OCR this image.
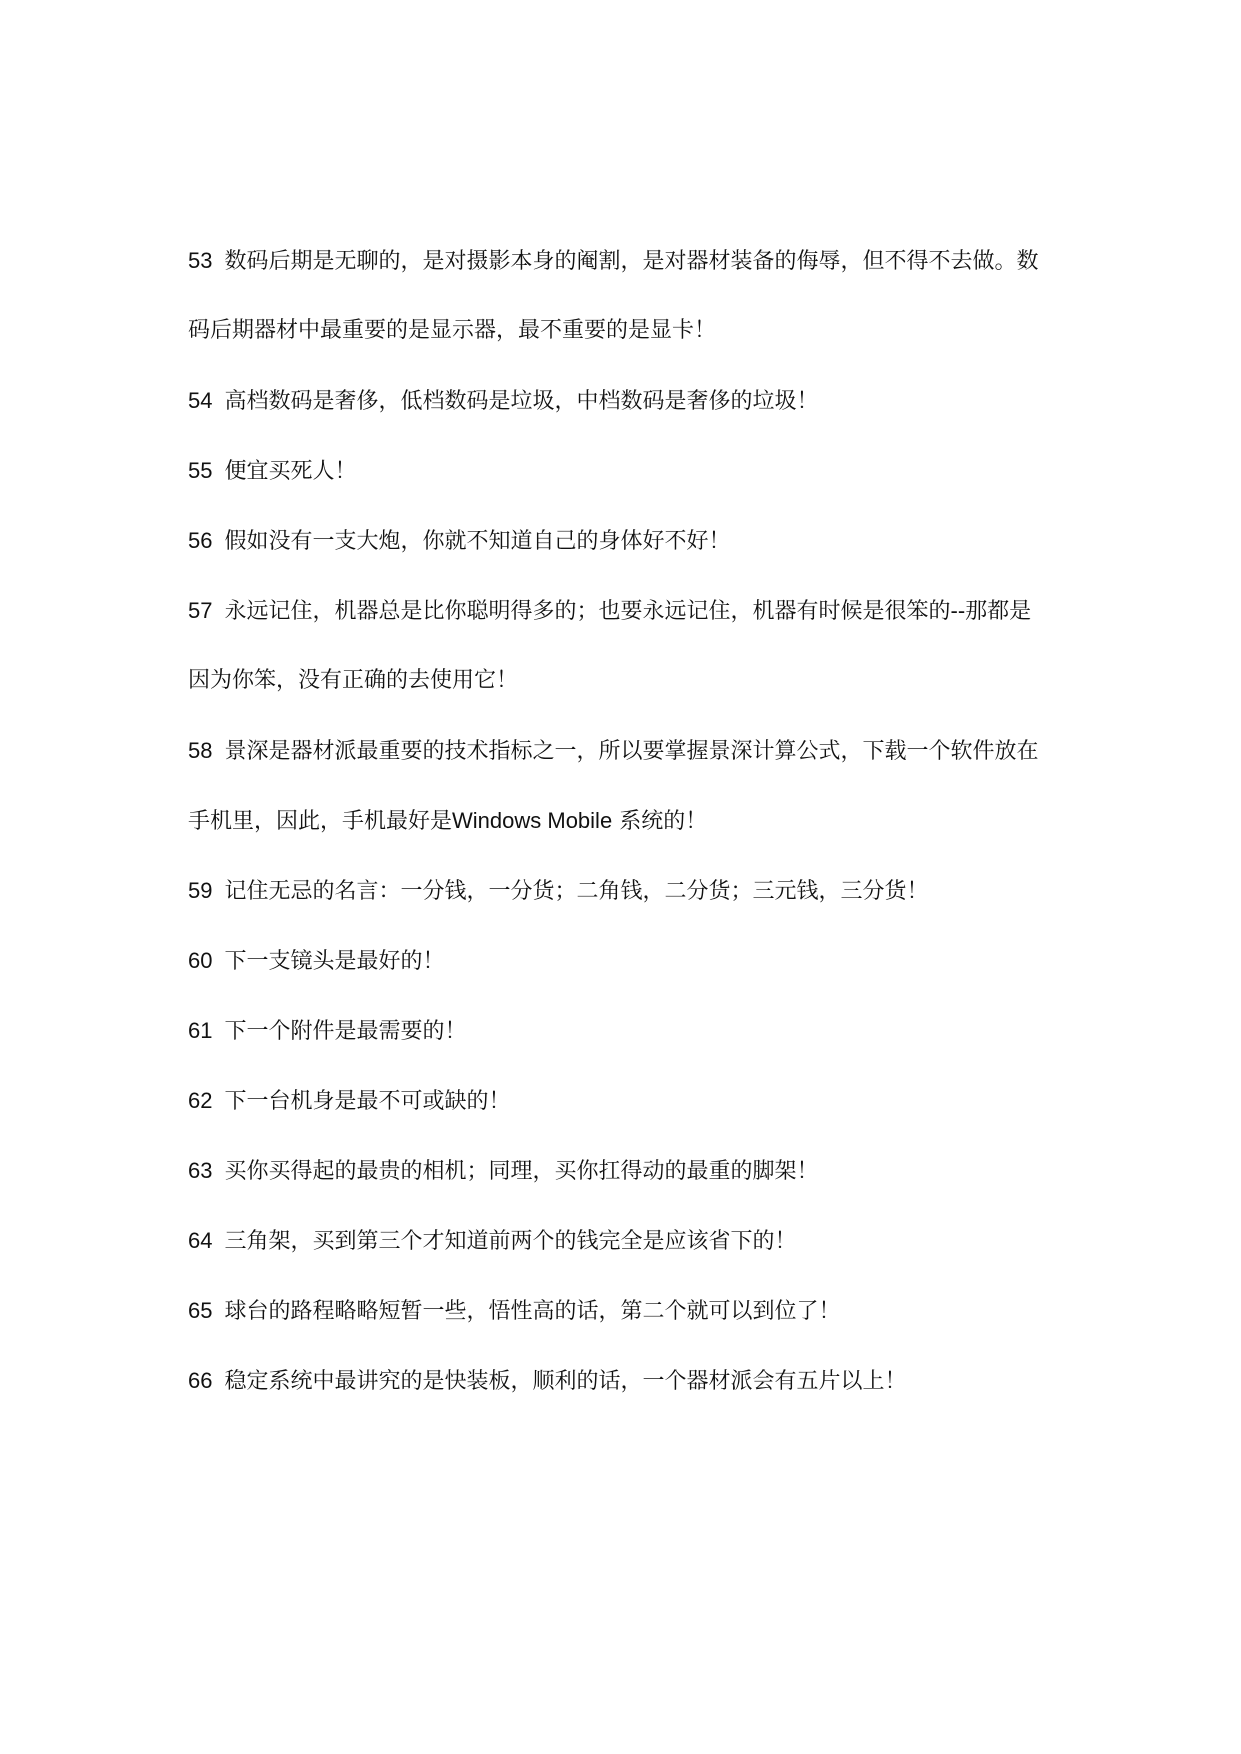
53 数码后期是无聊的，是对摄影本身的阉割，是对器材装备的侮辱，但不得不去做。数
码后期器材中最重要的是显示器，最不重要的是显卡！
54 高档数码是奢侈，低档数码是垃圾，中档数码是奢侈的垃圾！
55 便宜买死人！
56 假如没有一支大炮，你就不知道自己的身体好不好！
57 永远记住，机器总是比你聪明得多的；也要永远记住，机器有时候是很笨的--那都是
因为你笨，没有正确的去使用它！
58 景深是器材派最重要的技术指标之一，所以要掌握景深计算公式，下载一个软件放在
手机里，因此，手机最好是Windows Mobile 系统的！
59 记住无忌的名言：一分钱，一分货；二角钱，二分货；三元钱，三分货！
60 下一支镜头是最好的！
61 下一个附件是最需要的！
62 下一台机身是最不可或缺的！
63 买你买得起的最贵的相机；同理，买你扛得动的最重的脚架！
64 三角架，买到第三个才知道前两个的钱完全是应该省下的！
65 球台的路程略略短暂一些，悟性高的话，第二个就可以到位了！
66 稳定系统中最讲究的是快装板，顺利的话，一个器材派会有五片以上！
